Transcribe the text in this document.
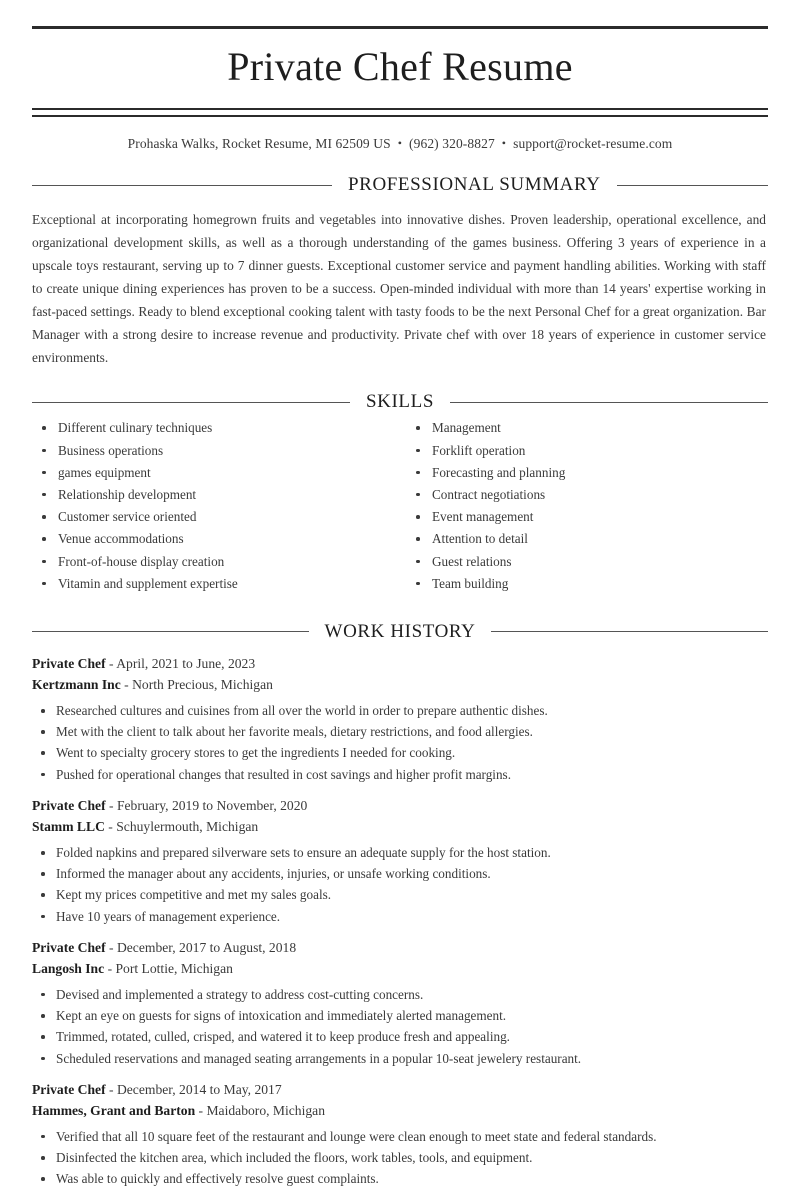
Private Chef Resume
Prohaska Walks, Rocket Resume, MI 62509 US • (962) 320-8827 • support@rocket-resume.com
PROFESSIONAL SUMMARY

Exceptional at incorporating homegrown fruits and vegetables into innovative dishes. Proven leadership, operational excellence, and organizational development skills, as well as a thorough understanding of the games business. Offering 3 years of experience in a upscale toys restaurant, serving up to 7 dinner guests. Exceptional customer service and payment handling abilities. Working with staff to create unique dining experiences has proven to be a success. Open-minded individual with more than 14 years' expertise working in fast-paced settings. Ready to blend exceptional cooking talent with tasty foods to be the next Personal Chef for a great organization. Bar Manager with a strong desire to increase revenue and productivity. Private chef with over 18 years of experience in customer service environments.

SKILLS
Different culinary techniques
Business operations
games equipment
Relationship development
Customer service oriented
Venue accommodations
Front-of-house display creation
Vitamin and supplement expertise
Management
Forklift operation
Forecasting and planning
Contract negotiations
Event management
Attention to detail
Guest relations
Team building
WORK HISTORY
Private Chef - April, 2021 to June, 2023
Kertzmann Inc - North Precious, Michigan
Researched cultures and cuisines from all over the world in order to prepare authentic dishes.
Met with the client to talk about her favorite meals, dietary restrictions, and food allergies.
Went to specialty grocery stores to get the ingredients I needed for cooking.
Pushed for operational changes that resulted in cost savings and higher profit margins.
Private Chef - February, 2019 to November, 2020
Stamm LLC - Schuylermouth, Michigan
Folded napkins and prepared silverware sets to ensure an adequate supply for the host station.
Informed the manager about any accidents, injuries, or unsafe working conditions.
Kept my prices competitive and met my sales goals.
Have 10 years of management experience.
Private Chef - December, 2017 to August, 2018
Langosh Inc - Port Lottie, Michigan
Devised and implemented a strategy to address cost-cutting concerns.
Kept an eye on guests for signs of intoxication and immediately alerted management.
Trimmed, rotated, culled, crisped, and watered it to keep produce fresh and appealing.
Scheduled reservations and managed seating arrangements in a popular 10-seat jewelery restaurant.
Private Chef - December, 2014 to May, 2017
Hammes, Grant and Barton - Maidaboro, Michigan
Verified that all 10 square feet of the restaurant and lounge were clean enough to meet state and federal standards.
Disinfected the kitchen area, which included the floors, work tables, tools, and equipment.
Was able to quickly and effectively resolve guest complaints.
